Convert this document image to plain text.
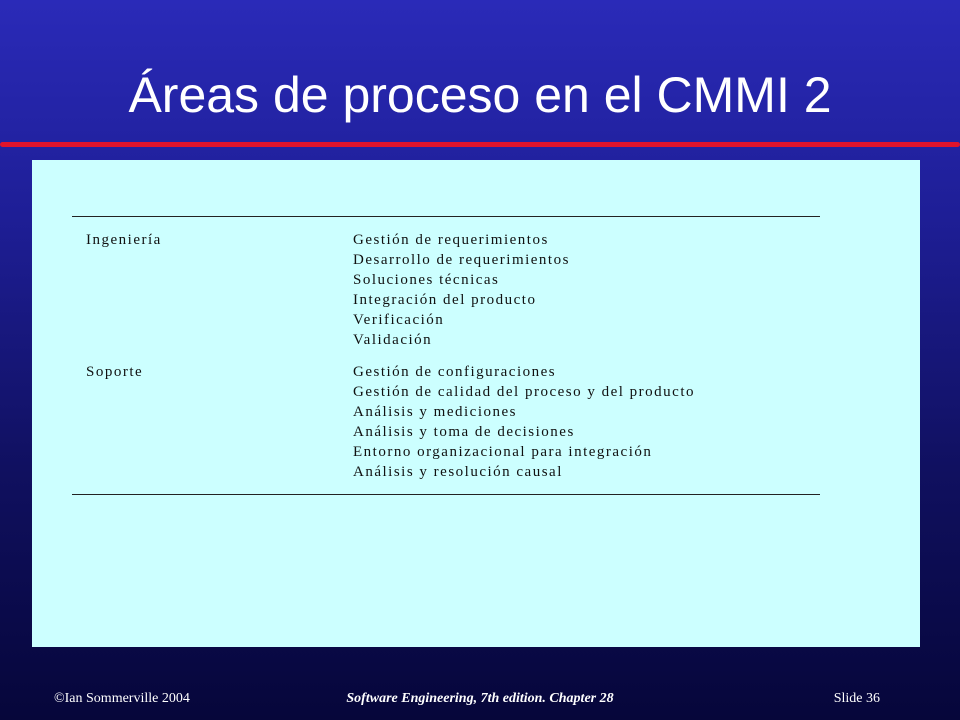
Áreas de proceso en el CMMI 2
Ingeniería	Gestión de requerimientos
Desarrollo de requerimientos
Soluciones técnicas
Integración del producto
Verificación
Validación
Soporte	Gestión de configuraciones
Gestión de calidad del proceso y del producto
Análisis y mediciones
Análisis y toma de decisiones
Entorno organizacional para integración
Análisis y resolución causal
©Ian Sommerville 2004	Software Engineering, 7th edition. Chapter 28	Slide 36
